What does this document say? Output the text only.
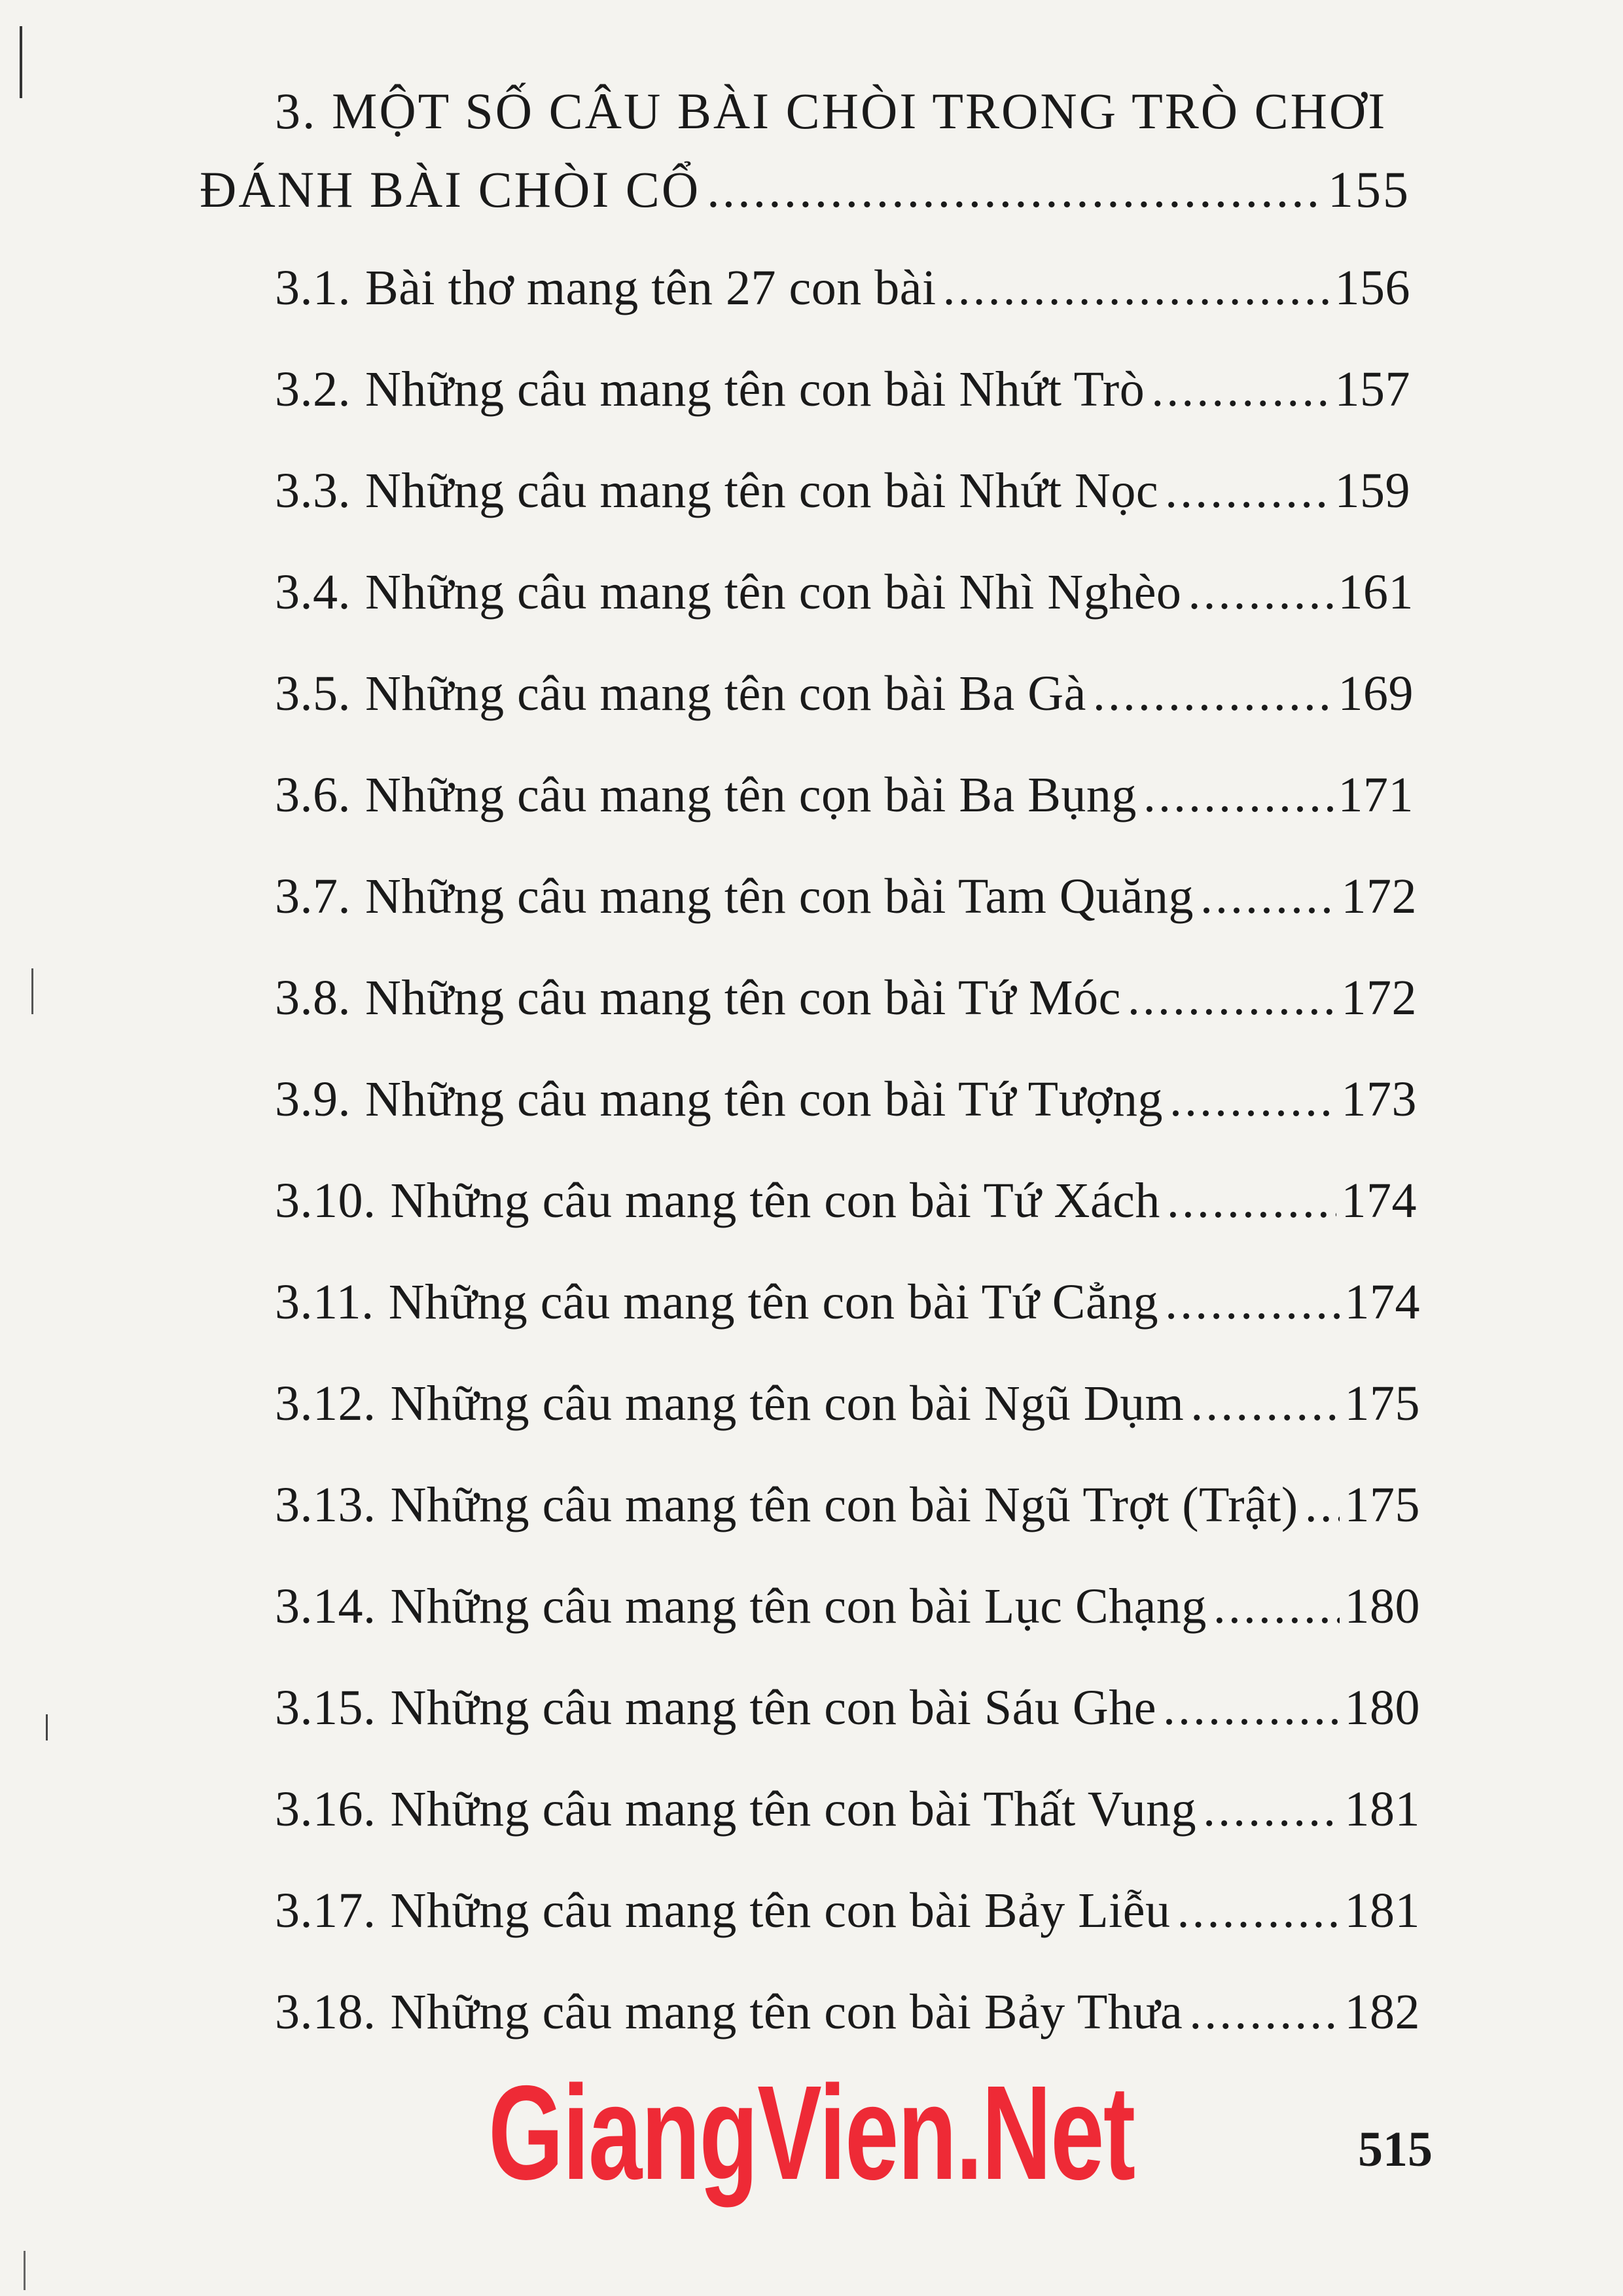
3. MỘT SỐ CÂU BÀI CHÒI TRONG TRÒ CHƠI
ĐÁNH BÀI CHÒI CỔ .....	155
3.1. Bài thơ mang tên 27 con bài .....	156
3.2. Những câu mang tên con bài Nhứt Trò .....	157
3.3. Những câu mang tên con bài Nhứt Nọc .....	159
3.4. Những câu mang tên con bài Nhì Nghèo .....	161
3.5. Những câu mang tên con bài Ba Gà .....	169
3.6. Những câu mang tên cọn bài Ba Bụng .....	171
3.7. Những câu mang tên con bài Tam Quăng .....	172
3.8. Những câu mang tên con bài Tứ Móc .....	172
3.9. Những câu mang tên con bài Tứ Tượng .....	173
3.10. Những câu mang tên con bài Tứ Xách .....	174
3.11. Những câu mang tên con bài Tứ Cẳng .....	174
3.12. Những câu mang tên con bài Ngũ Dụm .....	175
3.13. Những câu mang tên con bài Ngũ Trợt (Trật) ..... 175
3.14. Những câu mang tên con bài Lục Chạng .....	180
3.15. Những câu mang tên con bài Sáu Ghe .....	180
3.16. Những câu mang tên con bài Thất Vung .....	181
3.17. Những câu mang tên con bài Bảy Liễu .....	181
3.18. Những câu mang tên con bài Bảy Thưa .....	182
GiangVien.Net	515
